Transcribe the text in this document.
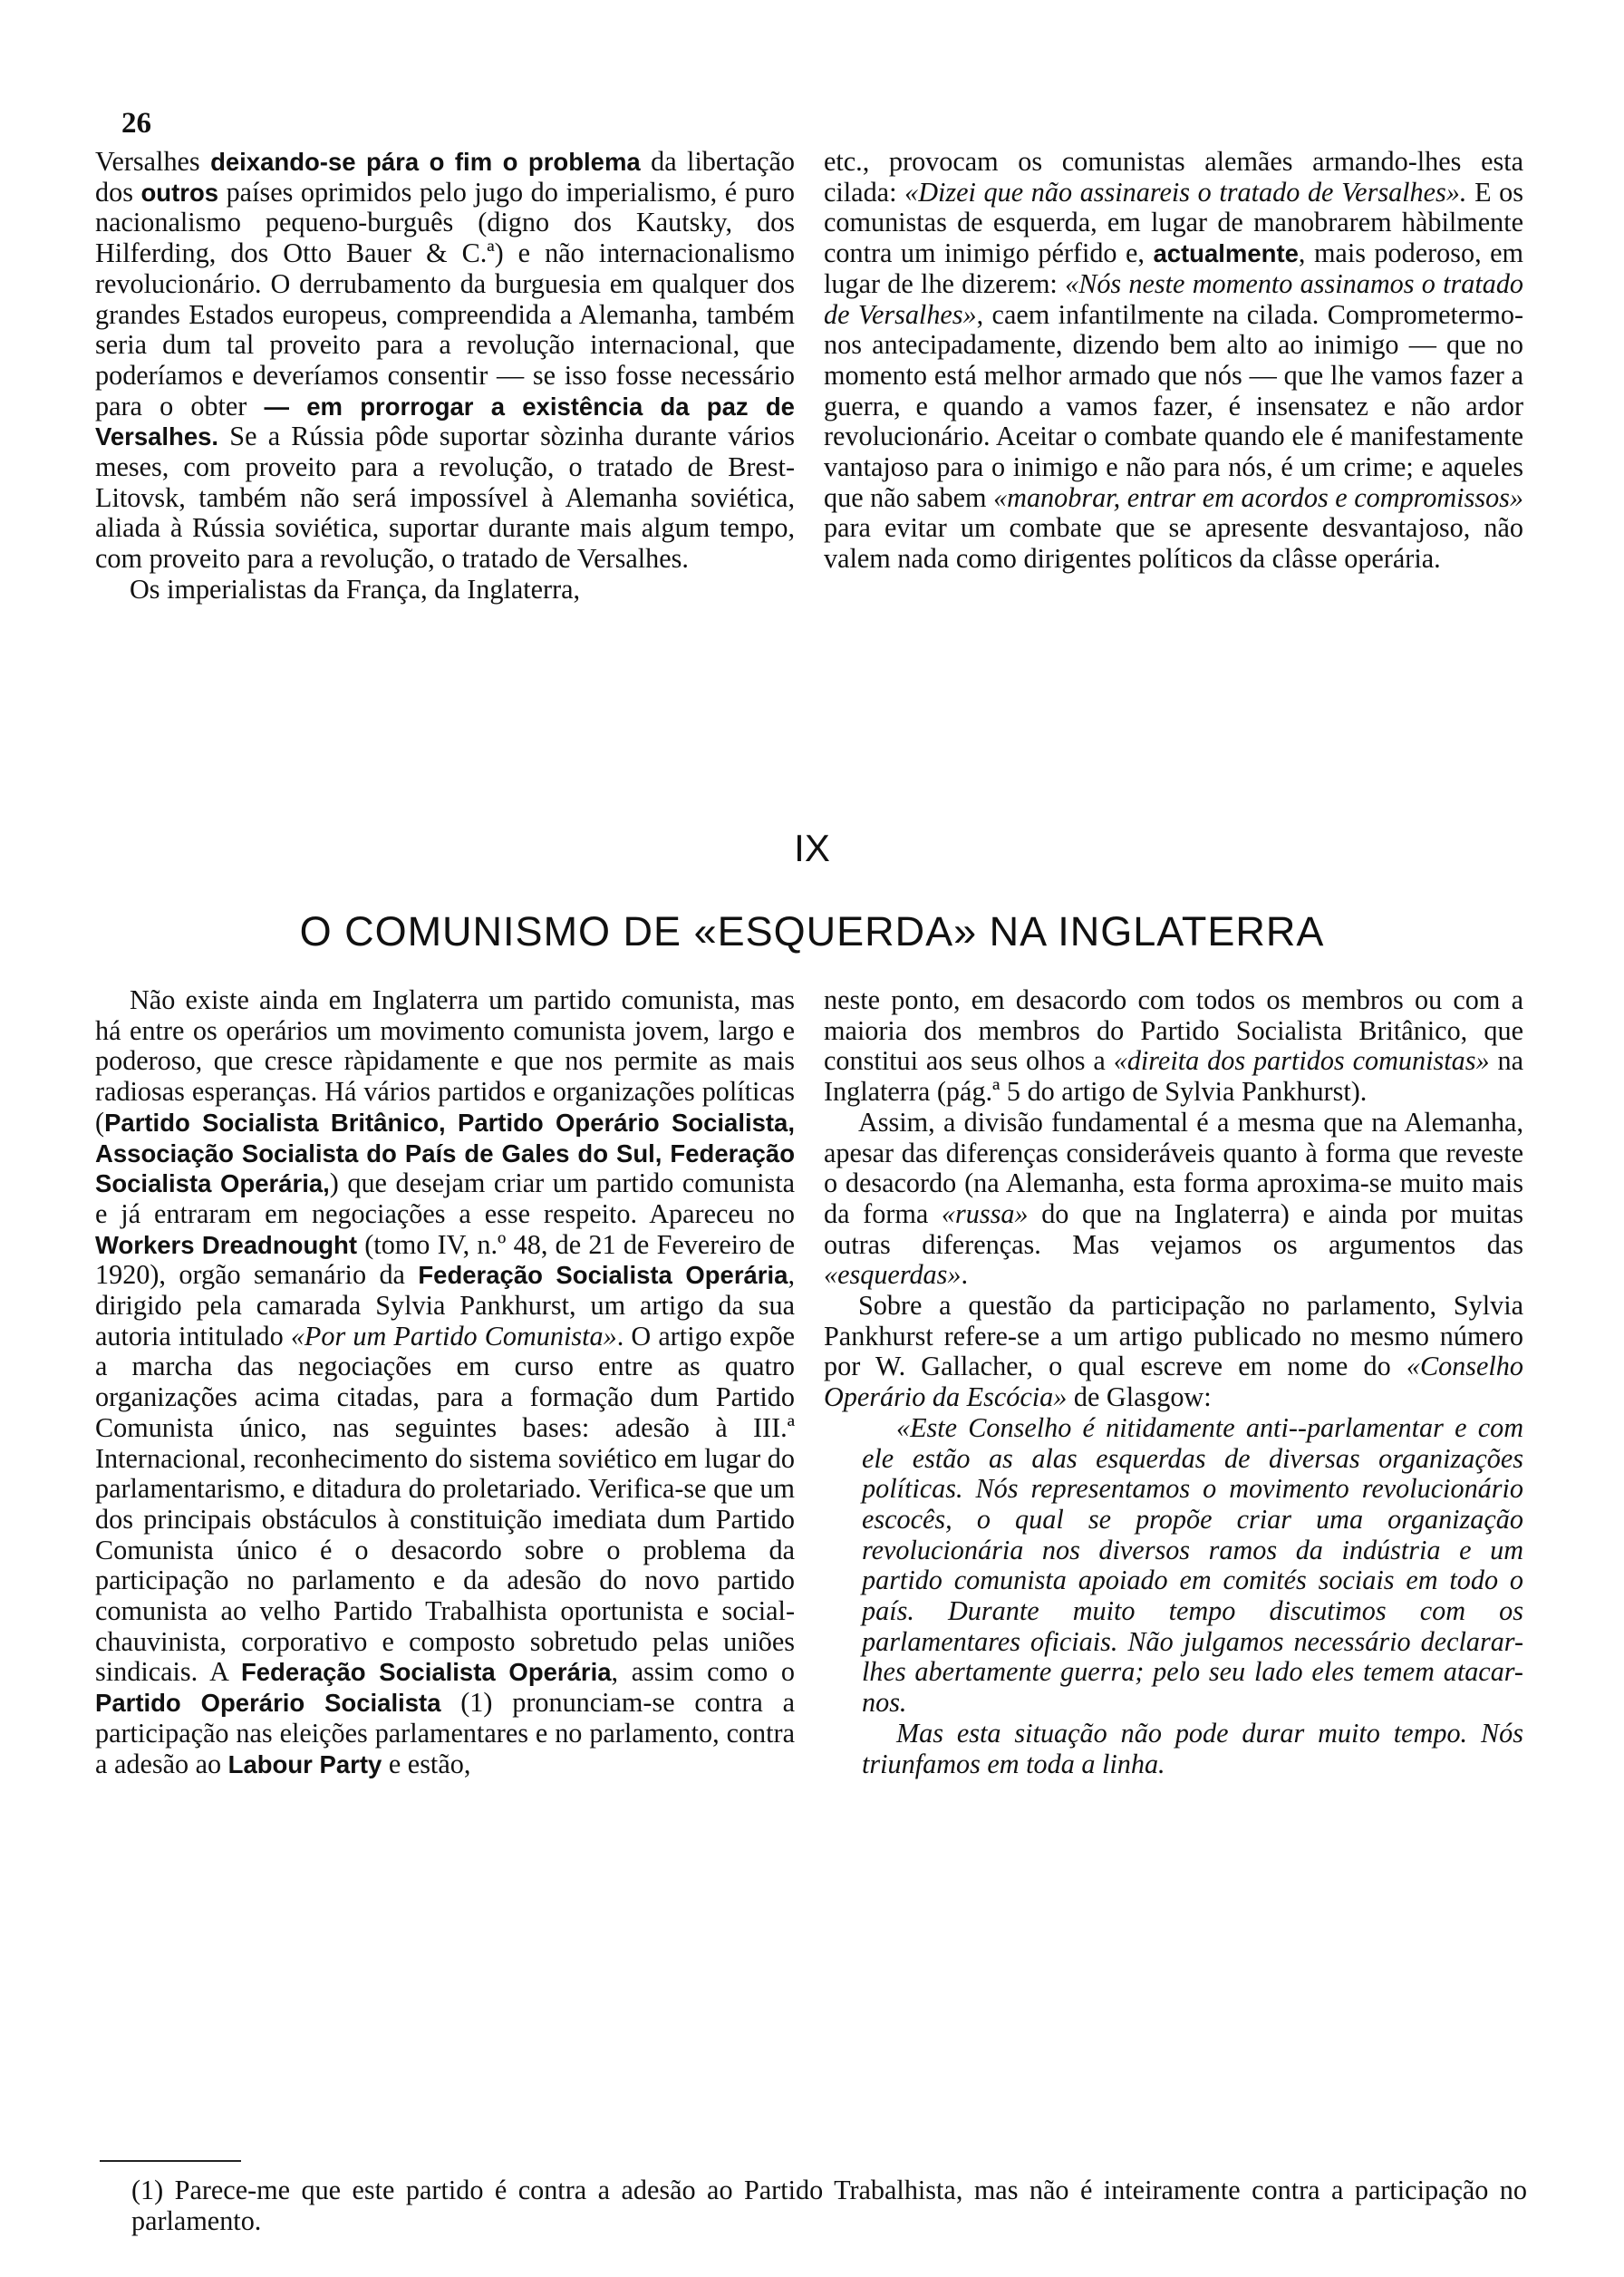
26

Versalhes deixando-se pára o fim o problema da libertação dos outros países oprimidos pelo jugo do imperialismo, é puro nacionalismo pequeno-burguês (digno dos Kautsky, dos Hilferding, dos Otto Bauer & C.ª) e não internacionalismo revolucionário. O derrubamento da burguesia em qualquer dos grandes Estados europeus, compreendida a Alemanha, também seria dum tal proveito para a revolução internacional, que poderíamos e deveríamos consentir — se isso fosse necessário para o obter — em prorrogar a existência da paz de Versalhes. Se a Rússia pôde suportar sòzinha durante vários meses, com proveito para a revolução, o tratado de Brest-Litovsk, também não será impossível à Alemanha soviética, aliada à Rússia soviética, suportar durante mais algum tempo, com proveito para a revolução, o tratado de Versalhes.

Os imperialistas da França, da Inglaterra,

etc., provocam os comunistas alemães armando-lhes esta cilada: «Dizei que não assinareis o tratado de Versalhes». E os comunistas de esquerda, em lugar de manobrarem hàbilmente contra um inimigo pérfido e, actualmente, mais poderoso, em lugar de lhe dizerem: «Nós neste momento assinamos o tratado de Versalhes», caem infantilmente na cilada. Comprometermo-nos antecipadamente, dizendo bem alto ao inimigo — que no momento está melhor armado que nós — que lhe vamos fazer a guerra, e quando a vamos fazer, é insensatez e não ardor revolucionário. Aceitar o combate quando ele é manifestamente vantajoso para o inimigo e não para nós, é um crime; e aqueles que não sabem «manobrar, entrar em acordos e compromissos» para evitar um combate que se apresente desvantajoso, não valem nada como dirigentes políticos da clâsse operária.

IX
O COMUNISMO DE «ESQUERDA» NA INGLATERRA

Não existe ainda em Inglaterra um partido comunista, mas há entre os operários um movimento comunista jovem, largo e poderoso, que cresce ràpidamente e que nos permite as mais radiosas esperanças. Há vários partidos e organizações políticas (Partido Socialista Britânico, Partido Operário Socialista, Associação Socialista do País de Gales do Sul, Federação Socialista Operária,) que desejam criar um partido comunista e já entraram em negociações a esse respeito. Apareceu no Workers Dreadnought (tomo IV, n.º 48, de 21 de Fevereiro de 1920), orgão semanário da Federação Socialista Operária, dirigido pela camarada Sylvia Pankhurst, um artigo da sua autoria intitulado «Por um Partido Comunista». O artigo expõe a marcha das negociações em curso entre as quatro organizações acima citadas, para a formação dum Partido Comunista único, nas seguintes bases: adesão à III.ª Internacional, reconhecimento do sistema soviético em lugar do parlamentarismo, e ditadura do proletariado. Verifica-se que um dos principais obstáculos à constituição imediata dum Partido Comunista único é o desacordo sobre o problema da participação no parlamento e da adesão do novo partido comunista ao velho Partido Trabalhista oportunista e social-chauvinista, corporativo e composto sobretudo pelas uniões sindicais. A Federação Socialista Operária, assim como o Partido Operário Socialista (1) pronunciam-se contra a participação nas eleições parlamentares e no parlamento, contra a adesão ao Labour Party e estão,

neste ponto, em desacordo com todos os membros ou com a maioria dos membros do Partido Socialista Britânico, que constitui aos seus olhos a «direita dos partidos comunistas» na Inglaterra (pág.ª 5 do artigo de Sylvia Pankhurst).

Assim, a divisão fundamental é a mesma que na Alemanha, apesar das diferenças consideráveis quanto à forma que reveste o desacordo (na Alemanha, esta forma aproxima-se muito mais da forma «russa» do que na Inglaterra) e ainda por muitas outras diferenças. Mas vejamos os argumentos das «esquerdas».

Sobre a questão da participação no parlamento, Sylvia Pankhurst refere-se a um artigo publicado no mesmo número por W. Gallacher, o qual escreve em nome do «Conselho Operário da Escócia» de Glasgow:

«Este Conselho é nitidamente anti--parlamentar e com ele estão as alas esquerdas de diversas organizações políticas. Nós representamos o movimento revolucionário escocês, o qual se propõe criar uma organização revolucionária nos diversos ramos da indústria e um partido comunista apoiado em comités sociais em todo o país. Durante muito tempo discutimos com os parlamentares oficiais. Não julgamos necessário declarar-lhes abertamente guerra; pelo seu lado eles temem atacar-nos.

Mas esta situação não pode durar muito tempo. Nós triunfamos em toda a linha.

(1) Parece-me que este partido é contra a adesão ao Partido Trabalhista, mas não é inteiramente contra a participação no parlamento.
